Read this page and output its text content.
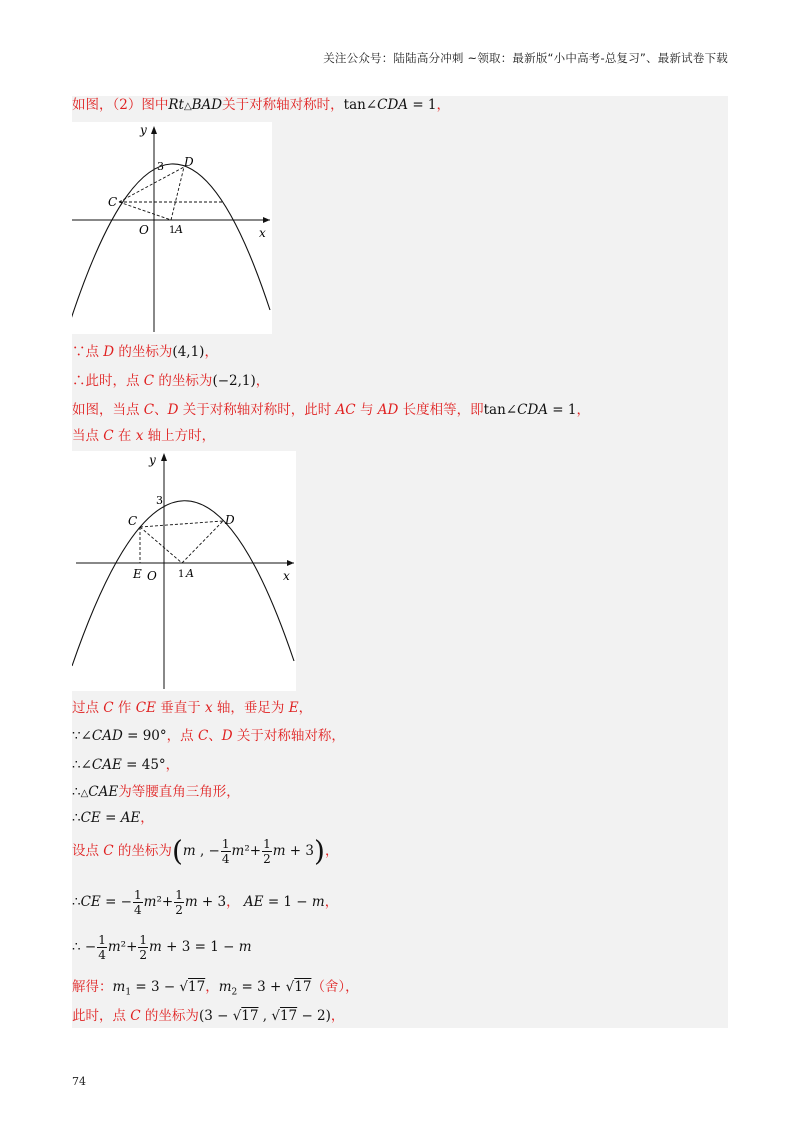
关注公众号：陆陆高分冲刺 ~领取：最新版“小中高考-总复习”、最新试卷下载
如图，（2）图中Rt△BAD关于对称轴对称时，tan∠CDA = 1，
3 D
C
O 1 A	x
y
∵点 D 的坐标为(4,1)，
∴此时，点 C 的坐标为(−2,1)，
如图，当点 C、D 关于对称轴对称时，此时 AC 与 AD 长度相等，即tan∠CDA = 1，
当点 C 在 x 轴上方时，
3
D
C
E O 1 A	x
y
过点 C 作 CE 垂直于 x 轴，垂足为 E，
∵∠CAD = 90°，点 C、D 关于对称轴对称，
∴∠CAE = 45°，
∴△CAE为等腰直角三角形，
∴CE = AE，
设点 C 的坐标为(m , − $\frac{1}{4} m^2+ \frac{1}{2}$ m + 3)，
∴CE = − $\frac{1}{4} m^2+ \frac{1}{2}$ m + 3， AE = 1 − m，
∴ − $\frac{1}{4} m^2+ \frac{1}{2}$ m + 3 = 1 − m
解得：$m_1 = 3 - √17$，$m_2 = 3 + √17$（舍），
此时，点 C 的坐标为(3 − √17 , √17 − 2)，
74
